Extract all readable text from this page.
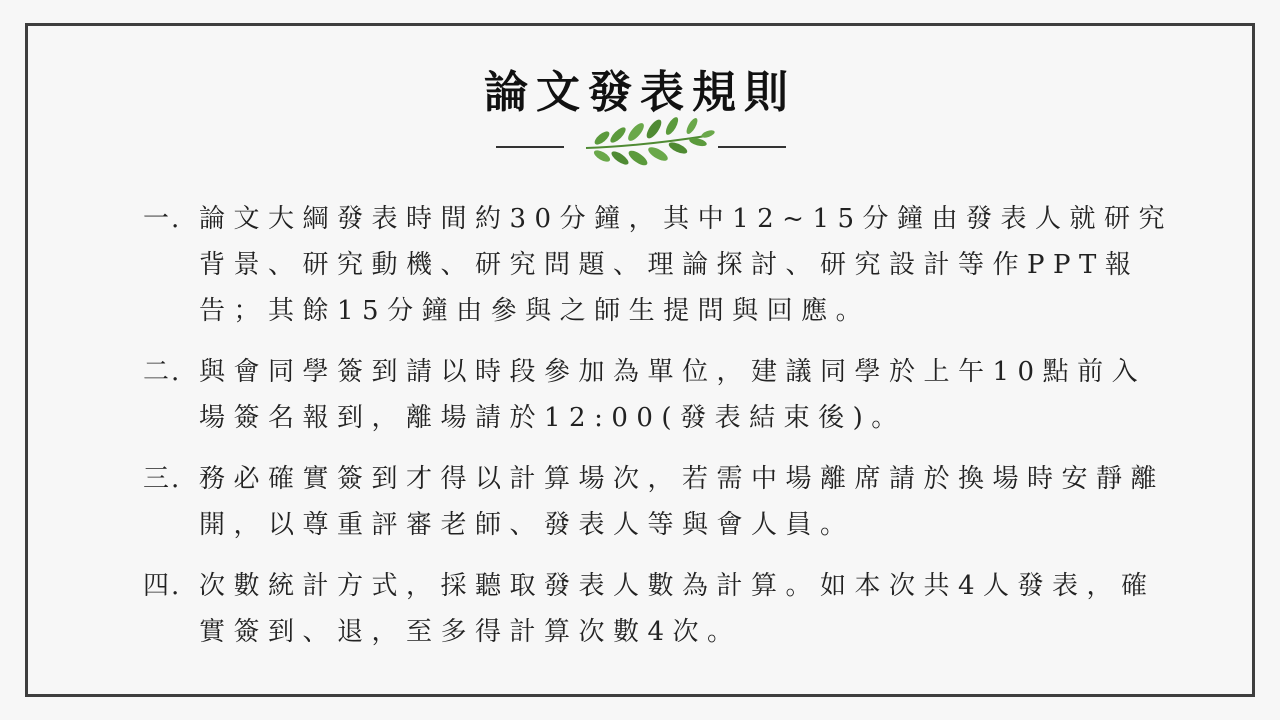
論文發表規則
一. 論文大綱發表時間約30分鐘，其中12~15分鐘由發表人就研究背景、研究動機、研究問題、理論探討、研究設計等作PPT報告；其餘15分鐘由參與之師生提問與回應。
二. 與會同學簽到請以時段參加為單位，建議同學於上午10點前入場簽名報到，離場請於12:00(發表結束後)。
三. 務必確實簽到才得以計算場次，若需中場離席請於換場時安靜離開，以尊重評審老師、發表人等與會人員。
四. 次數統計方式，採聽取發表人數為計算。如本次共4人發表，確實簽到、退，至多得計算次數4次。
